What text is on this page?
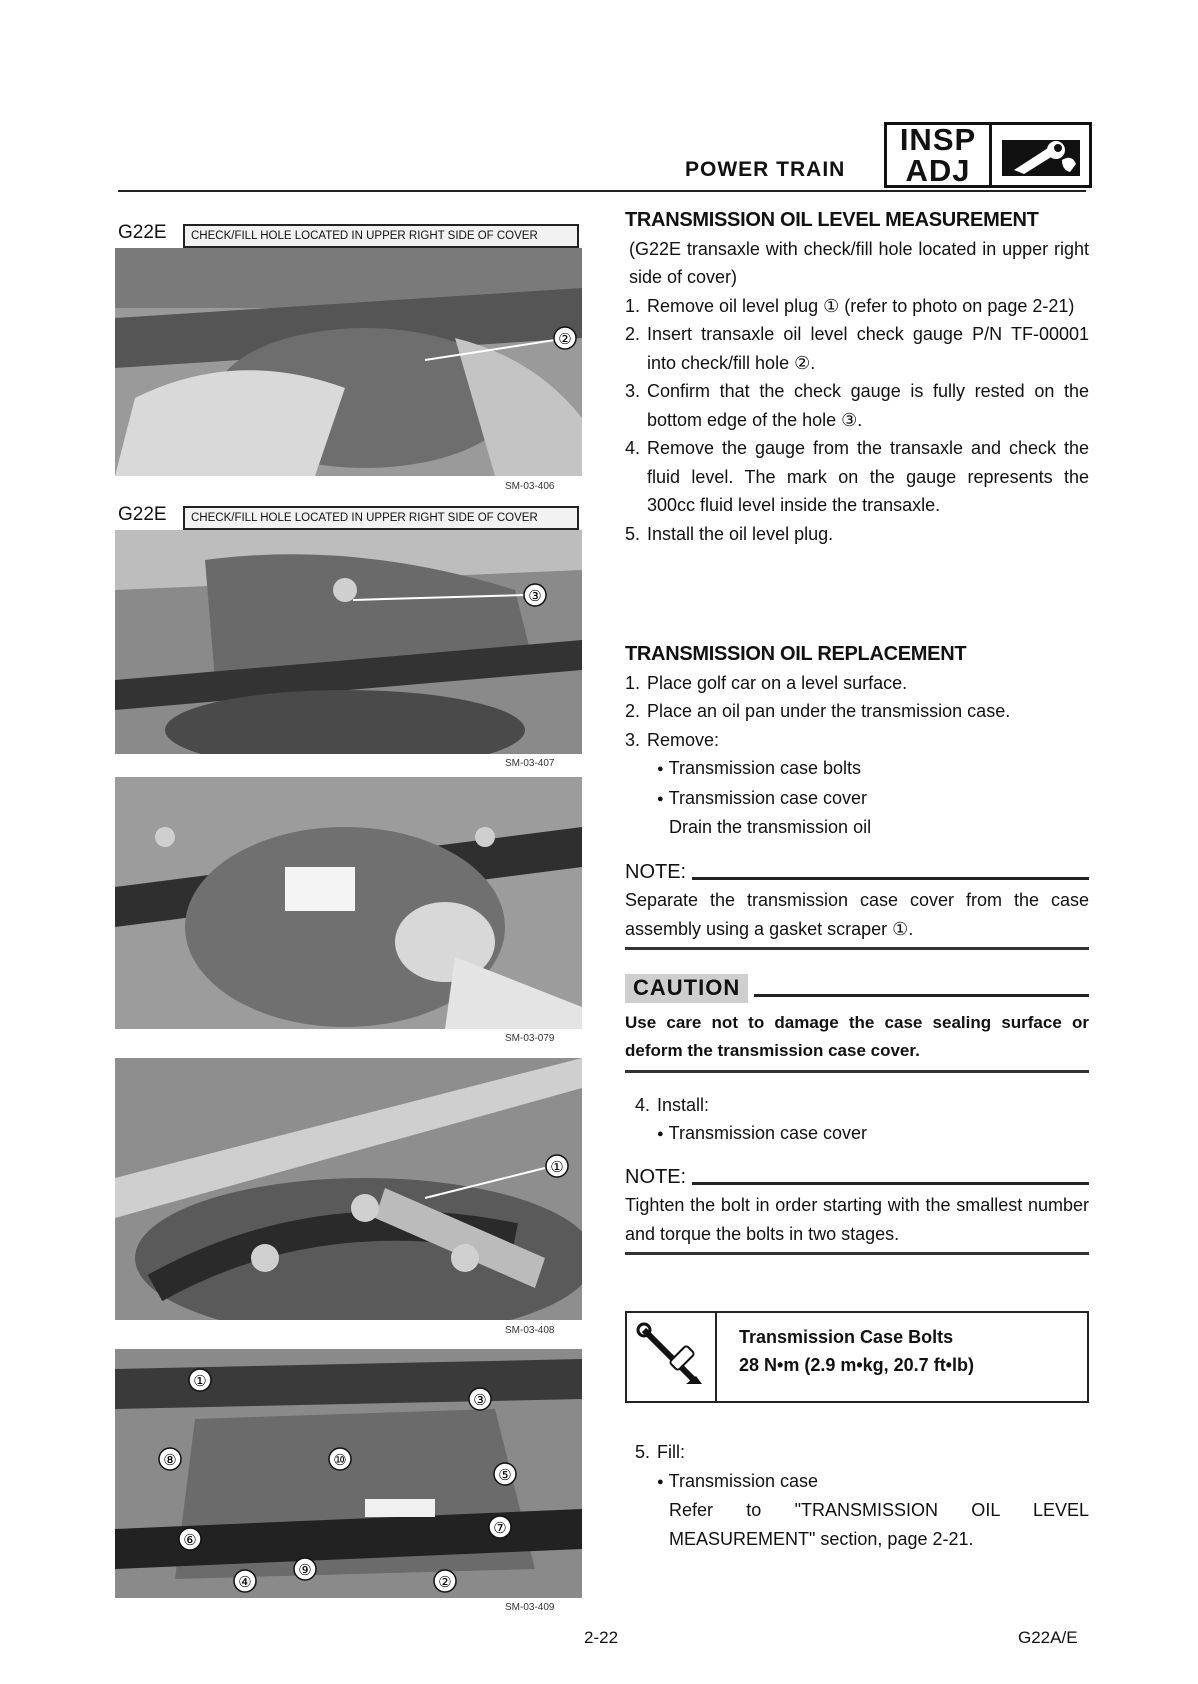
POWER TRAIN
INSP
ADJ
G22E	CHECK/FILL HOLE LOCATED IN UPPER RIGHT SIDE OF COVER
②
SM-03-406
G22E	CHECK/FILL HOLE LOCATED IN UPPER RIGHT SIDE OF COVER
③
SM-03-407
SM-03-079
①
SM-03-408
①
③
⑧	⑩
⑤
⑦
⑥
⑨
④	②
SM-03-409
TRANSMISSION OIL LEVEL MEASUREMENT
(G22E transaxle with check/fill hole located in upper right side of cover)
1. Remove oil level plug ① (refer to photo on page 2-21)
2. Insert transaxle oil level check gauge P/N TF-00001 into check/fill hole ②.
3. Confirm that the check gauge is fully rested on the bottom edge of the hole ③.
4. Remove the gauge from the transaxle and check the fluid level. The mark on the gauge represents the 300cc fluid level inside the transaxle.
5. Install the oil level plug.
TRANSMISSION OIL REPLACEMENT
1. Place golf car on a level surface.
2. Place an oil pan under the transmission case.
3. Remove:
● Transmission case bolts
● Transmission case cover
Drain the transmission oil
NOTE:
Separate the transmission case cover from the case assembly using a gasket scraper ①.
CAUTION
Use care not to damage the case sealing surface or deform the transmission case cover.
4. Install:
● Transmission case cover
NOTE:
Tighten the bolt in order starting with the smallest number and torque the bolts in two stages.
Transmission Case Bolts
28 N•m (2.9 m•kg, 20.7 ft•lb)
5. Fill:
● Transmission case
Refer to "TRANSMISSION OIL LEVEL MEASUREMENT" section, page 2-21.
2-22	G22A/E
